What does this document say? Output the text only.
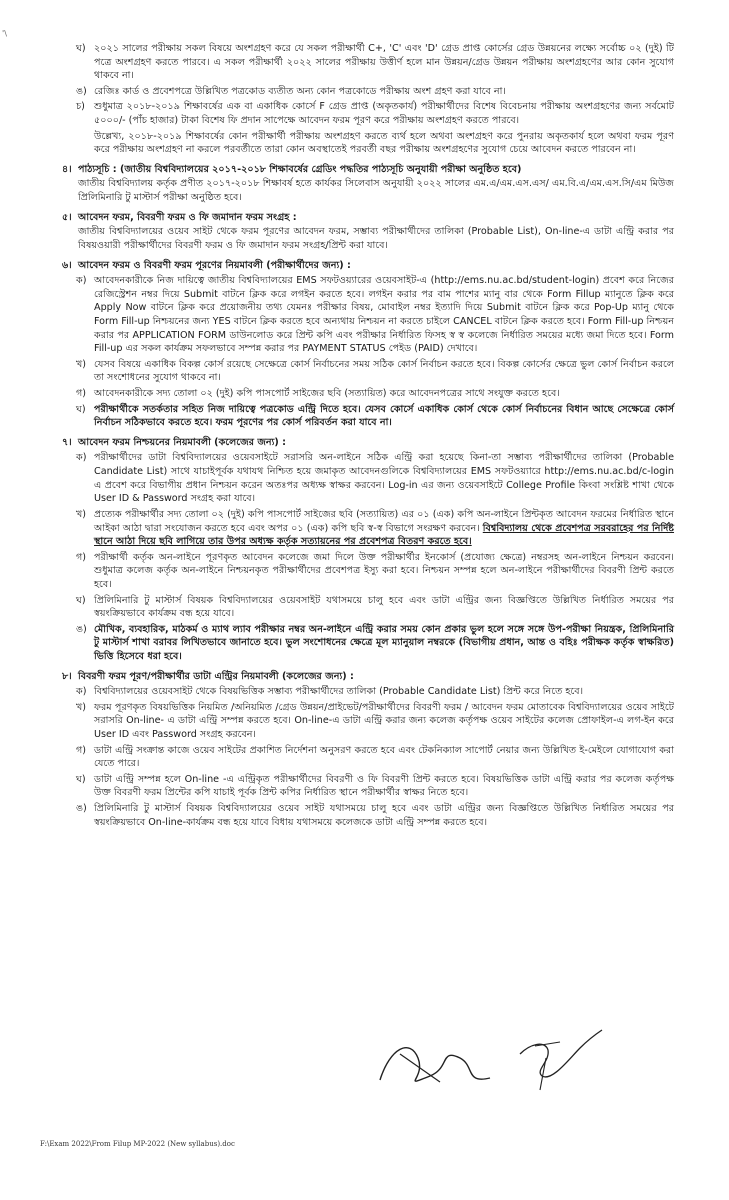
'\
ঘ) ২০২১ সালের পরীক্ষায় সকল বিষয়ে অংশগ্রহণ করে যে সকল পরীক্ষার্থী C+, 'C' এবং 'D' গ্রেড প্রাপ্ত কোর্সের গ্রেড উন্নয়নের লক্ষ্যে সর্বোচ্চ ০২ (দুই) টি পত্রে অংশগ্রহণ করতে পারবে। এ সকল পরীক্ষার্থী ২০২২ সালের পরীক্ষায় উত্তীর্ণ হলে মান উন্নয়ন/গ্রেড উন্নয়ন পরীক্ষায় অংশগ্রহণের আর কোন সুযোগ থাকবে না।
ঙ) রেজিঃ কার্ড ও প্রবেশপত্রে উল্লিখিত পত্রকোড ব্যতীত অন্য কোন পত্রকোডে পরীক্ষায় অংশ গ্রহণ করা যাবে না।
চ) শুধুমাত্র ২০১৮-২০১৯ শিক্ষাবর্ষের এক বা একাধিক কোর্সে F গ্রেড প্রাপ্ত (অকৃতকার্য) পরীক্ষার্থীদের বিশেষ বিবেচনায় পরীক্ষায় অংশগ্রহণের জন্য সর্বমোট ৫০০০/- (পাঁচ হাজার) টাকা বিশেষ ফি প্রদান সাপেক্ষে আবেদন ফরম পূরণ করে পরীক্ষায় অংশগ্রহণ করতে পারবে।
উল্লেখ্য, ২০১৮-২০১৯ শিক্ষাবর্ষের কোন পরীক্ষার্থী পরীক্ষায় অংশগ্রহণ করতে ব্যর্থ হলে অথবা অংশগ্রহণ করে পুনরায় অকৃতকার্য হলে অথবা ফরম পূরণ করে পরীক্ষায় অংশগ্রহণ না করলে পরবর্তীতে তারা কোন অবস্থাতেই পরবর্তী বছর পরীক্ষায় অংশগ্রহণের সুযোগ চেয়ে আবেদন করতে পারবেন না।
৪। পাঠ্যসূচি : (জাতীয় বিশ্ববিদ্যালয়ের ২০১৭-২০১৮ শিক্ষাবর্ষের গ্রেডিং পদ্ধতির পাঠ্যসূচি অনুযায়ী পরীক্ষা অনুষ্ঠিত হবে)
জাতীয় বিশ্ববিদ্যালয় কর্তৃক প্রণীত ২০১৭-২০১৮ শিক্ষাবর্ষ হতে কার্যকর সিলেবাস অনুযায়ী ২০২২ সালের এম.এ/এম.এস.এস/ এম.বি.এ/এম.এস.সি/এম মিউজ প্রিলিমিনারি টু মাস্টার্স পরীক্ষা অনুষ্ঠিত হবে।
৫। আবেদন ফরম, বিবরণী ফরম ও ফি জমাদান ফরম সংগ্রহ :
জাতীয় বিশ্ববিদ্যালয়ের ওয়েব সাইট থেকে ফরম পূরণের আবেদন ফরম, সম্ভাব্য পরীক্ষার্থীদের তালিকা (Probable List), On-line-এ ডাটা এন্ট্রি করার পর বিষয়ওয়ারী পরীক্ষার্থীদের বিবরণী ফরম ও ফি জমাদান ফরম সংগ্রহ/প্রিন্ট করা যাবে।
৬। আবেদন ফরম ও বিবরণী ফরম পূরণের নিয়মাবলী (পরীক্ষার্থীদের জন্য) :
ক) আবেদনকারীকে নিজ দায়িত্বে জাতীয় বিশ্ববিদ্যালয়ের EMS সফটওয়্যারের ওয়েবসাইট-এ (http://ems.nu.ac.bd/student-login) প্রবেশ করে নিজের রেজিস্ট্রেশন নম্বর দিয়ে Submit বাটনে ক্লিক করে লগইন করতে হবে। লগইন করার পর বাম পাশের ম্যানু বার থেকে Form Fillup ম্যানুতে ক্লিক করে Apply Now বাটনে ক্লিক করে প্রয়োজনীয় তথ্য যেমনঃ পরীক্ষার বিষয়, মোবাইল নম্বর ইত্যাদি দিয়ে Submit বাটনে ক্লিক করে Pop-Up ম্যানু থেকে Form Fill-up নিশ্চয়নের জন্য YES বাটনে ক্লিক করতে হবে অন্যথায় নিশ্চয়ন না করতে চাইলে CANCEL বাটনে ক্লিক করতে হবে। Form Fill-up নিশ্চয়ন করার পর APPLICATION FORM ডাউনলোড করে প্রিন্ট কপি এবং পরীক্ষার নির্ধারিত ফিসহ স্ব স্ব কলেজে নির্ধারিত সময়ের মধ্যে জমা দিতে হবে। Form Fill-up এর সকল কার্যক্রম সফলভাবে সম্পন্ন করার পর PAYMENT STATUS পেইড (PAID) দেখাবে।
খ) যেসব বিষয়ে একাধিক বিকল্প কোর্স রয়েছে সেক্ষেত্রে কোর্স নির্বাচনের সময় সঠিক কোর্স নির্বাচন করতে হবে। বিকল্প কোর্সের ক্ষেত্রে ভুল কোর্স নির্বাচন করলে তা সংশোধনের সুযোগ থাকবে না।
গ) আবেদনকারীকে সদ্য তোলা ০২ (দুই) কপি পাসপোর্ট সাইজের ছবি (সত্যায়িত) করে আবেদনপত্রের সাথে সংযুক্ত করতে হবে।
ঘ) পরীক্ষার্থীকে সতর্কতার সহিত নিজ দায়িত্বে পত্রকোড এন্ট্রি দিতে হবে। যেসব কোর্সে একাধিক কোর্স থেকে কোর্স নির্বাচনের বিধান আছে সেক্ষেত্রে কোর্স নির্বাচন সঠিকভাবে করতে হবে। ফরম পূরণের পর কোর্স পরিবর্তন করা যাবে না।
৭। আবেদন ফরম নিশ্চয়নের নিয়মাবলী (কলেজের জন্য) :
ক) পরীক্ষার্থীদের ডাটা বিশ্ববিদ্যালয়ের ওয়েবসাইটে সরাসরি অন-লাইনে সঠিক এন্ট্রি করা হয়েছে কিনা-তা সম্ভাব্য পরীক্ষার্থীদের তালিকা (Probable Candidate List) সাথে যাচাইপূর্বক যথাযথ নিশ্চিত হয়ে জমাকৃত আবেদনগুলিকে বিশ্ববিদ্যালয়ের EMS সফটওয়্যারে http://ems.nu.ac.bd/c-login এ প্রবেশ করে বিভাগীয় প্রধান নিশ্চয়ন করেন অতঃপর অধ্যক্ষ স্বাক্ষর করবেন। Log-in এর জন্য ওয়েবসাইটে College Profile কিংবা সংশ্লিষ্ট শাখা থেকে User ID & Password সংগ্রহ করা যাবে।
খ) প্রত্যেক পরীক্ষার্থীর সদ্য তোলা ০২ (দুই) কপি পাসপোর্ট সাইজের ছবি (সত্যায়িত) এর ০১ (এক) কপি অন-লাইনে প্রিন্টকৃত আবেদন ফরমের নির্ধারিত স্থানে আইকা আঠা দ্বারা সংযোজন করতে হবে এবং অপর ০১ (এক) কপি ছবি স্ব-স্ব বিভাগে সংরক্ষণ করবেন। বিশ্ববিদ্যালয় থেকে প্রবেশপত্র সরবরাহের পর নির্দিষ্ট স্থানে আঠা দিয়ে ছবি লাগিয়ে তার উপর অধ্যক্ষ কর্তৃক সত্যায়নের পর প্রবেশপত্র বিতরণ করতে হবে।
গ) পরীক্ষার্থী কর্তৃক অন-লাইনে পূরণকৃত আবেদন কলেজে জমা দিলে উক্ত পরীক্ষার্থীর ইনকোর্স (প্রযোজ্য ক্ষেত্রে) নম্বরসহ অন-লাইনে নিশ্চয়ন করবেন। শুধুমাত্র কলেজ কর্তৃক অন-লাইনে নিশ্চয়নকৃত পরীক্ষার্থীদের প্রবেশপত্র ইস্যু করা হবে। নিশ্চয়ন সম্পন্ন হলে অন-লাইনে পরীক্ষার্থীদের বিবরণী প্রিন্ট করতে হবে।
ঘ) প্রিলিমিনারি টু মাস্টার্স বিষয়ক বিশ্ববিদ্যালয়ের ওয়েবসাইট যথাসময়ে চালু হবে এবং ডাটা এন্ট্রির জন্য বিজ্ঞপ্তিতে উল্লিখিত নির্ধারিত সময়ের পর স্বয়ংক্রিয়ভাবে কার্যক্রম বন্ধ হয়ে যাবে।
ঙ) মৌখিক, ব্যবহারিক, মাঠকর্ম ও ম্যাথ ল্যাব পরীক্ষার নম্বর অন-লাইনে এন্ট্রি করার সময় কোন প্রকার ভুল হলে সঙ্গে সঙ্গে উপ-পরীক্ষা নিয়ন্ত্রক, প্রিলিমিনারি টু মাস্টার্স শাখা বরাবর লিখিতভাবে জানাতে হবে। ভুল সংশোধনের ক্ষেত্রে মূল ম্যানুয়াল নম্বরকে (বিভাগীয় প্রধান, আন্ত ও বহিঃ পরীক্ষক কর্তৃক স্বাক্ষরিত) ভিত্তি হিসেবে ধরা হবে।
৮। বিবরণী ফরম পূরণ/পরীক্ষার্থীর ডাটা এন্ট্রির নিয়মাবলী (কলেজের জন্য) :
ক) বিশ্ববিদ্যালয়ের ওয়েবসাইট থেকে বিষয়ভিত্তিক সম্ভাব্য পরীক্ষার্থীদের তালিকা (Probable Candidate List) প্রিন্ট করে নিতে হবে।
খ) ফরম পূরণকৃত বিষয়ভিত্তিক নিয়মিত /অনিয়মিত /গ্রেড উন্নয়ন/প্রাইভেট/পরীক্ষার্থীদের বিবরণী ফরম / আবেদন ফরম মোতাবেক বিশ্ববিদ্যালয়ের ওয়েব সাইটে সরাসরি On-line- এ ডাটা এন্ট্রি সম্পন্ন করতে হবে। On-line-এ ডাটা এন্ট্রি করার জন্য কলেজ কর্তৃপক্ষ ওয়েব সাইটের কলেজ প্রোফাইল-এ লগ-ইন করে User ID এবং Password সংগ্রহ করবেন।
গ) ডাটা এন্ট্রি সংক্রান্ত কাজে ওয়েব সাইটের প্রকাশিত নির্দেশনা অনুসরণ করতে হবে এবং টেকনিক্যাল সাপোর্ট নেয়ার জন্য উল্লিখিত ই-মেইলে যোগাযোগ করা যেতে পারে।
ঘ) ডাটা এন্ট্রি সম্পন্ন হলে On-line -এ এন্ট্রিকৃত পরীক্ষার্থীদের বিবরণী ও ফি বিবরণী প্রিন্ট করতে হবে। বিষয়ভিত্তিক ডাটা এন্ট্রি করার পর কলেজ কর্তৃপক্ষ উক্ত বিবরণী ফরম প্রিন্টের কপি যাচাই পূর্বক প্রিন্ট কপির নির্ধারিত স্থানে পরীক্ষার্থীর স্বাক্ষর নিতে হবে।
ঙ) প্রিলিমিনারি টু মাস্টার্স বিষয়ক বিশ্ববিদ্যালয়ের ওয়েব সাইট যথাসময়ে চালু হবে এবং ডাটা এন্ট্রির জন্য বিজ্ঞপ্তিতে উল্লিখিত নির্ধারিত সময়ের পর স্বয়ংক্রিয়ভাবে On-line-কার্যক্রম বন্ধ হয়ে যাবে বিধায় যথাসময়ে কলেজকে ডাটা এন্ট্রি সম্পন্ন করতে হবে।
F:\Exam 2022\From Filup MP-2022 (New syllabus).doc
